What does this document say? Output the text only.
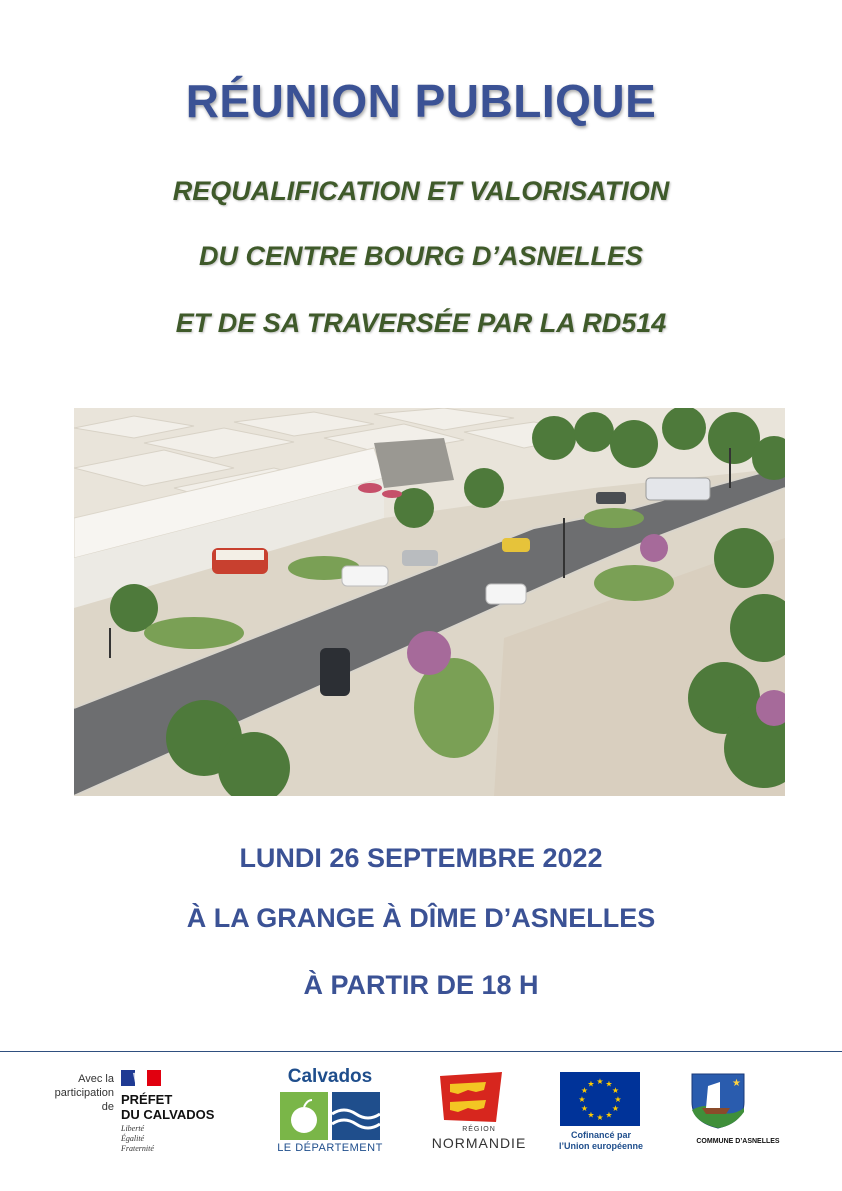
RÉUNION PUBLIQUE
REQUALIFICATION ET VALORISATION
DU CENTRE BOURG D’ASNELLES
ET DE SA TRAVERSÉE PAR LA RD514
LUNDI 26 SEPTEMBRE 2022
À LA GRANGE À DÎME D’ASNELLES
À PARTIR DE 18 H
Avec la
participation
de PRÉFET
DU CALVADOS
Liberté
Égalité
Fraternité
Calvados
LE DÉPARTEMENT
RÉGION
NORMANDIE
★ ★
★
★
★
★
★
★
★
★
★
★
Cofinancé par
l’Union européenne
★
COMMUNE D’ASNELLES
